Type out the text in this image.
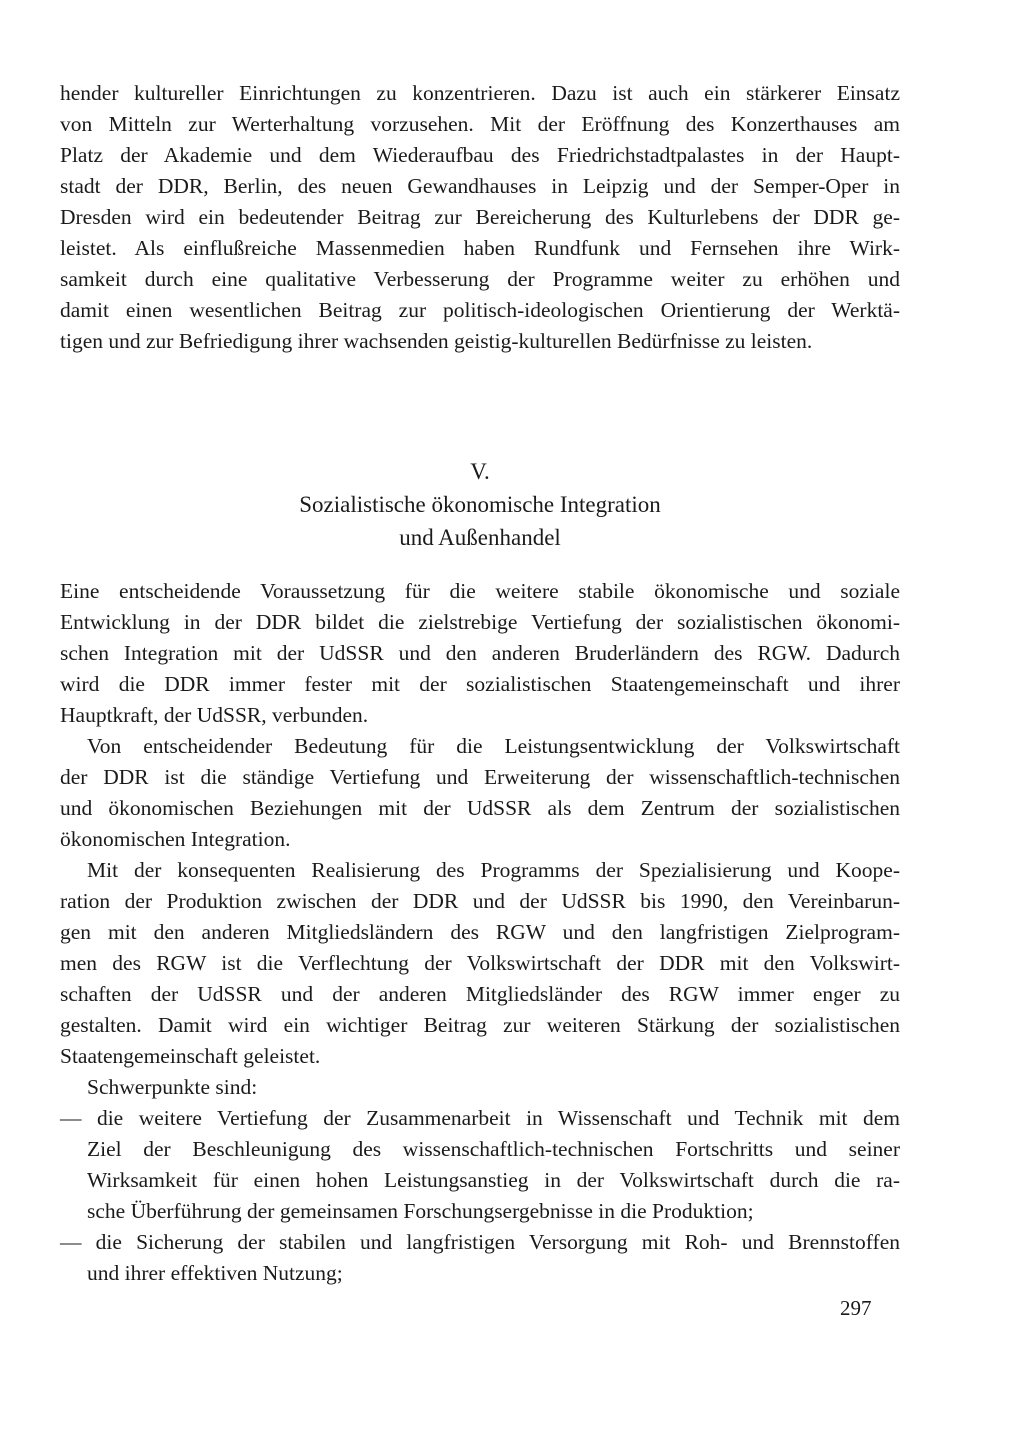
hender kultureller Einrichtungen zu konzentrieren. Dazu ist auch ein stärkerer Einsatz
von Mitteln zur Werterhaltung vorzusehen. Mit der Eröffnung des Konzerthauses am
Platz der Akademie und dem Wiederaufbau des Friedrichstadtpalastes in der Haupt-
stadt der DDR, Berlin, des neuen Gewandhauses in Leipzig und der Semper-Oper in
Dresden wird ein bedeutender Beitrag zur Bereicherung des Kulturlebens der DDR ge-
leistet. Als einflußreiche Massenmedien haben Rundfunk und Fernsehen ihre Wirk-
samkeit durch eine qualitative Verbesserung der Programme weiter zu erhöhen und
damit einen wesentlichen Beitrag zur politisch-ideologischen Orientierung der Werktä-
tigen und zur Befriedigung ihrer wachsenden geistig-kulturellen Bedürfnisse zu leisten.
V.
Sozialistische ökonomische Integration
und Außenhandel
Eine entscheidende Voraussetzung für die weitere stabile ökonomische und soziale
Entwicklung in der DDR bildet die zielstrebige Vertiefung der sozialistischen ökonomi-
schen Integration mit der UdSSR und den anderen Bruderländern des RGW. Dadurch
wird die DDR immer fester mit der sozialistischen Staatengemeinschaft und ihrer
Hauptkraft, der UdSSR, verbunden.
Von entscheidender Bedeutung für die Leistungsentwicklung der Volkswirtschaft
der DDR ist die ständige Vertiefung und Erweiterung der wissenschaftlich-technischen
und ökonomischen Beziehungen mit der UdSSR als dem Zentrum der sozialistischen
ökonomischen Integration.
Mit der konsequenten Realisierung des Programms der Spezialisierung und Koope-
ration der Produktion zwischen der DDR und der UdSSR bis 1990, den Vereinbarun-
gen mit den anderen Mitgliedsländern des RGW und den langfristigen Zielprogram-
men des RGW ist die Verflechtung der Volkswirtschaft der DDR mit den Volkswirt-
schaften der UdSSR und der anderen Mitgliedsländer des RGW immer enger zu
gestalten. Damit wird ein wichtiger Beitrag zur weiteren Stärkung der sozialistischen
Staatengemeinschaft geleistet.
Schwerpunkte sind:
— die weitere Vertiefung der Zusammenarbeit in Wissenschaft und Technik mit dem
Ziel der Beschleunigung des wissenschaftlich-technischen Fortschritts und seiner
Wirksamkeit für einen hohen Leistungsanstieg in der Volkswirtschaft durch die ra-
sche Überführung der gemeinsamen Forschungsergebnisse in die Produktion;
— die Sicherung der stabilen und langfristigen Versorgung mit Roh- und Brennstoffen
und ihrer effektiven Nutzung;
297
